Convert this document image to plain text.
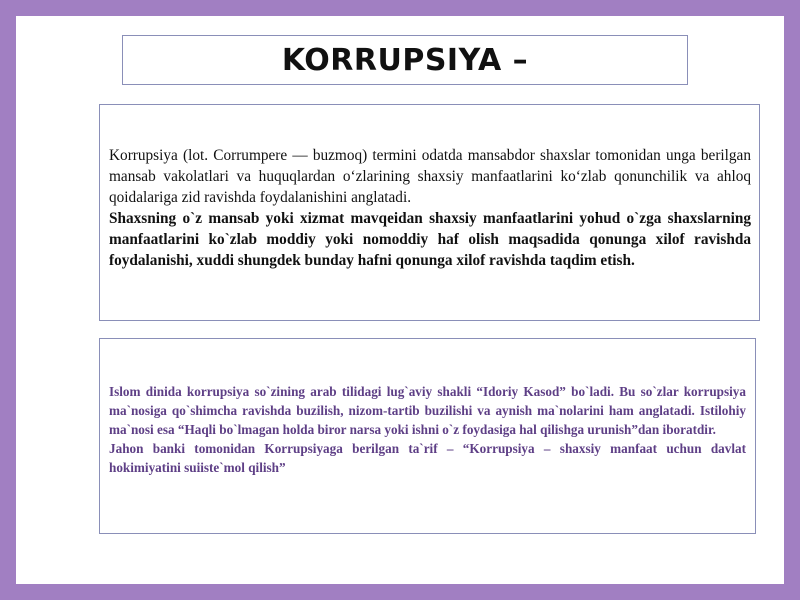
KORRUPSIYA –

Korrupsiya (lot. Corrumpere — buzmoq) termini odatda mansabdor shaxslar tomonidan unga berilgan mansab vakolatlari va huquqlardan o‘zlarining shaxsiy manfaatlarini ko‘zlab qonunchilik va ahloq qoidalariga zid ravishda foydalanishini anglatadi.

Shaxsning o`z mansab yoki xizmat mavqeidan shaxsiy manfaatlarini yohud o`zga shaxslarning manfaatlarini ko`zlab moddiy yoki nomoddiy haf olish maqsadida qonunga xilof ravishda foydalanishi, xuddi shungdek bunday hafni qonunga xilof ravishda taqdim etish.

Islom dinida korrupsiya so`zining arab tilidagi lug`aviy shakli “Idoriy Kasod” bo`ladi. Bu so`zlar korrupsiya ma`nosiga qo`shimcha ravishda buzilish, nizom-tartib buzilishi va aynish ma`nolarini ham anglatadi. Istilohiy ma`nosi esa “Haqli bo`lmagan holda biror narsa yoki ishni o`z foydasiga hal qilishga urunish”dan iboratdir.

Jahon banki tomonidan Korrupsiyaga berilgan ta`rif – “Korrupsiya – shaxsiy manfaat uchun davlat hokimiyatini suiiste`mol qilish”
